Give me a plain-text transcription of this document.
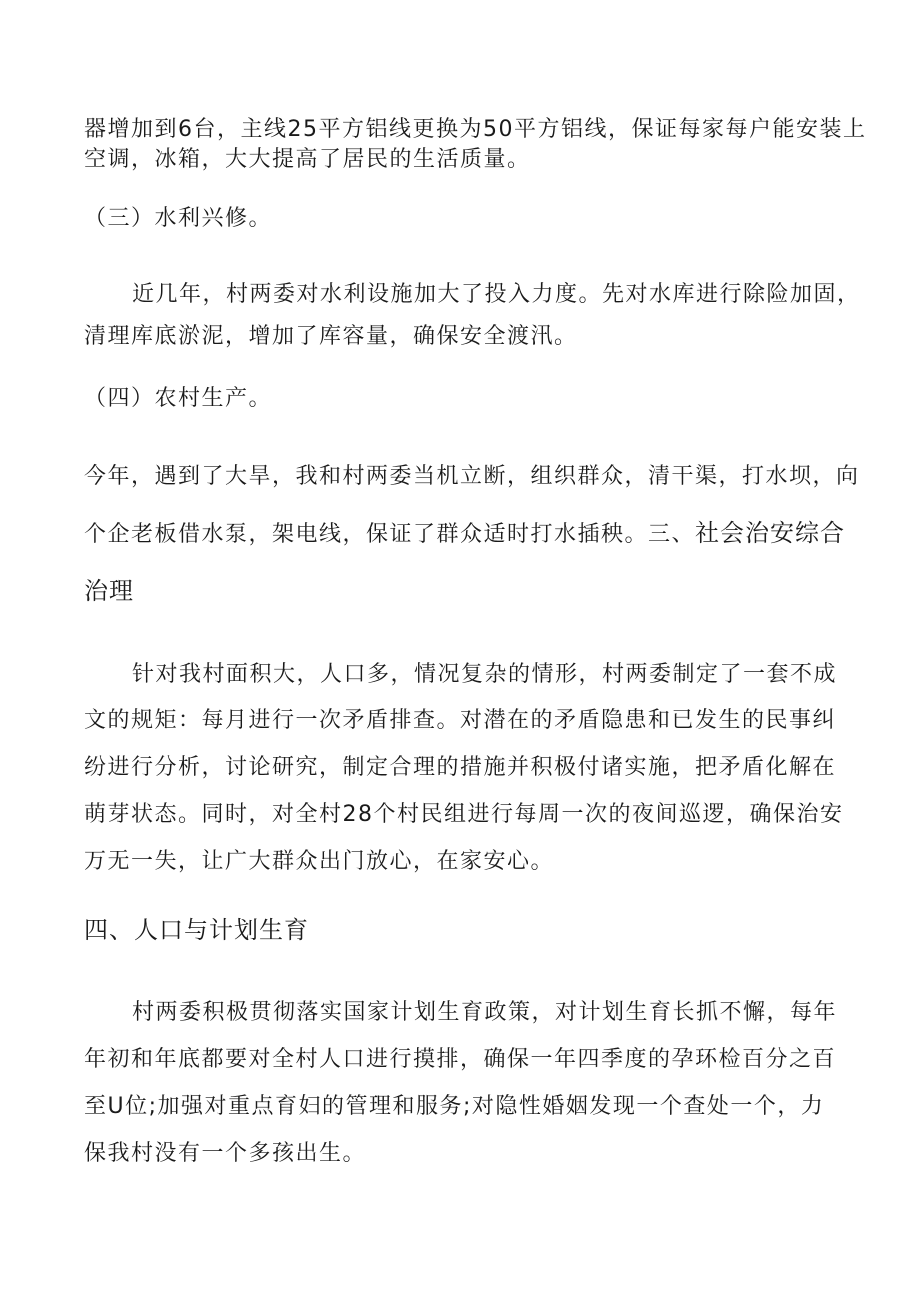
器增加到6台，主线25平方铝线更换为50平方铝线，保证每家每户能安装上
空调，冰箱，大大提高了居民的生活质量。
（三）水利兴修。
近几年，村两委对水利设施加大了投入力度。先对水库进行除险加固，
清理库底淤泥，增加了库容量，确保安全渡汛。
（四）农村生产。
今年，遇到了大旱，我和村两委当机立断，组织群众，清干渠，打水坝，向
个企老板借水泵，架电线，保证了群众适时打水插秧。三、社会治安综合
治理
针对我村面积大，人口多，情况复杂的情形，村两委制定了一套不成
文的规矩：每月进行一次矛盾排查。对潜在的矛盾隐患和已发生的民事纠
纷进行分析，讨论研究，制定合理的措施并积极付诸实施，把矛盾化解在
萌芽状态。同时，对全村28个村民组进行每周一次的夜间巡逻，确保治安
万无一失，让广大群众出门放心，在家安心。
四、人口与计划生育
村两委积极贯彻落实国家计划生育政策，对计划生育长抓不懈，每年
年初和年底都要对全村人口进行摸排，确保一年四季度的孕环检百分之百
至U位;加强对重点育妇的管理和服务;对隐性婚姻发现一个查处一个，力
保我村没有一个多孩出生。
